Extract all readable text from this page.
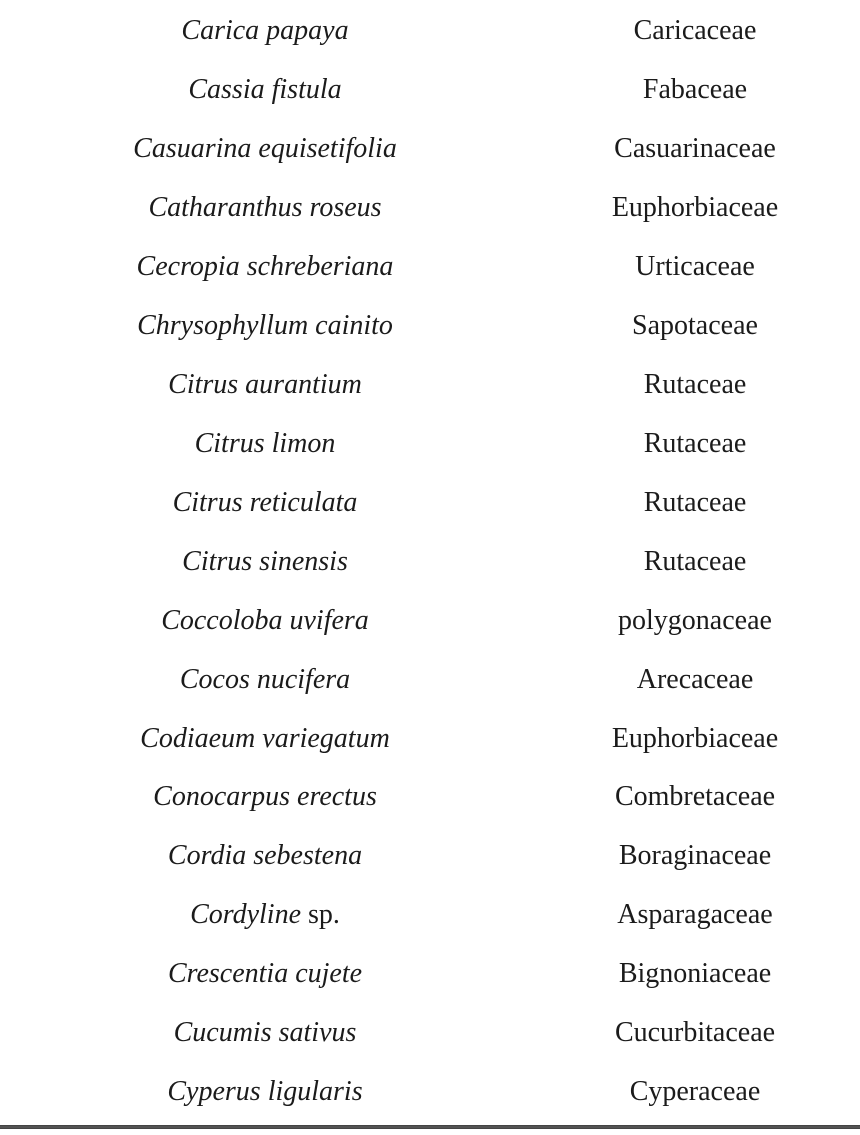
Carica papaya	Caricaceae
Cassia fistula	Fabaceae
Casuarina equisetifolia	Casuarinaceae
Catharanthus roseus	Euphorbiaceae
Cecropia schreberiana	Urticaceae
Chrysophyllum cainito	Sapotaceae
Citrus aurantium	Rutaceae
Citrus limon	Rutaceae
Citrus reticulata	Rutaceae
Citrus sinensis	Rutaceae
Coccoloba uvifera	polygonaceae
Cocos nucifera	Arecaceae
Codiaeum variegatum	Euphorbiaceae
Conocarpus erectus	Combretaceae
Cordia sebestena	Boraginaceae
Cordyline sp.	Asparagaceae
Crescentia cujete	Bignoniaceae
Cucumis sativus	Cucurbitaceae
Cyperus ligularis	Cyperaceae
